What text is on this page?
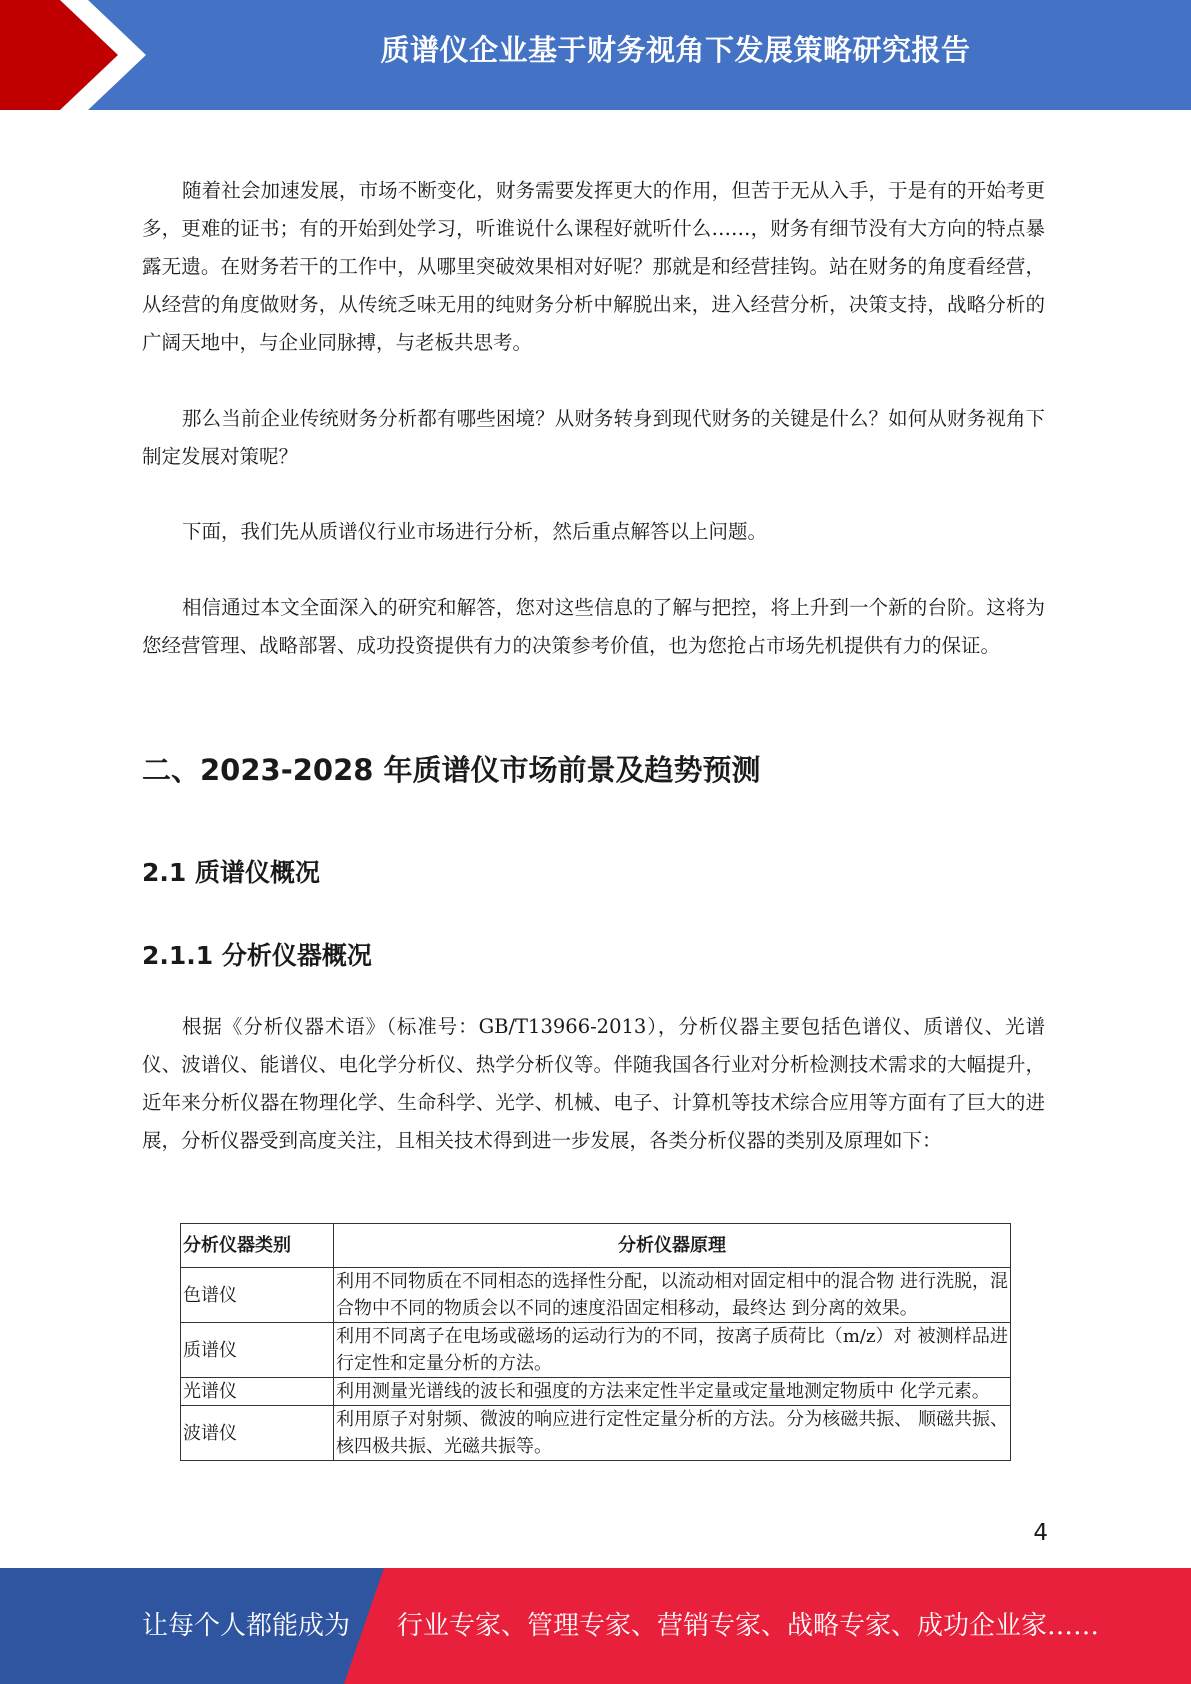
质谱仪企业基于财务视角下发展策略研究报告

随着社会加速发展，市场不断变化，财务需要发挥更大的作用，但苦于无从入手，于是有的开始考更多，更难的证书；有的开始到处学习，听谁说什么课程好就听什么……，财务有细节没有大方向的特点暴露无遗。在财务若干的工作中，从哪里突破效果相对好呢？那就是和经营挂钩。站在财务的角度看经营，从经营的角度做财务，从传统乏味无用的纯财务分析中解脱出来，进入经营分析，决策支持，战略分析的广阔天地中，与企业同脉搏，与老板共思考。

那么当前企业传统财务分析都有哪些困境？从财务转身到现代财务的关键是什么？如何从财务视角下制定发展对策呢？

下面，我们先从质谱仪行业市场进行分析，然后重点解答以上问题。

相信通过本文全面深入的研究和解答，您对这些信息的了解与把控，将上升到一个新的台阶。这将为您经营管理、战略部署、成功投资提供有力的决策参考价值，也为您抢占市场先机提供有力的保证。

二、2023-2028 年质谱仪市场前景及趋势预测
2.1 质谱仪概况
2.1.1 分析仪器概况

根据《分析仪器术语》（标准号：GB/T13966-2013），分析仪器主要包括色谱仪、质谱仪、光谱仪、波谱仪、能谱仪、电化学分析仪、热学分析仪等。伴随我国各行业对分析检测技术需求的大幅提升，近年来分析仪器在物理化学、生命科学、光学、机械、电子、计算机等技术综合应用等方面有了巨大的进展，分析仪器受到高度关注，且相关技术得到进一步发展，各类分析仪器的类别及原理如下：

分析仪器类别	分析仪器原理
色谱仪	利用不同物质在不同相态的选择性分配，以流动相对固定相中的混合物 进行洗脱，混合物中不同的物质会以不同的速度沿固定相移动，最终达 到分离的效果。
质谱仪	利用不同离子在电场或磁场的运动行为的不同，按离子质荷比（m/z）对 被测样品进行定性和定量分析的方法。
光谱仪	利用测量光谱线的波长和强度的方法来定性半定量或定量地测定物质中 化学元素。
波谱仪	利用原子对射频、微波的响应进行定性定量分析的方法。分为核磁共振、 顺磁共振、核四极共振、光磁共振等。
4
让每个人都能成为 行业专家、管理专家、营销专家、战略专家、成功企业家……
